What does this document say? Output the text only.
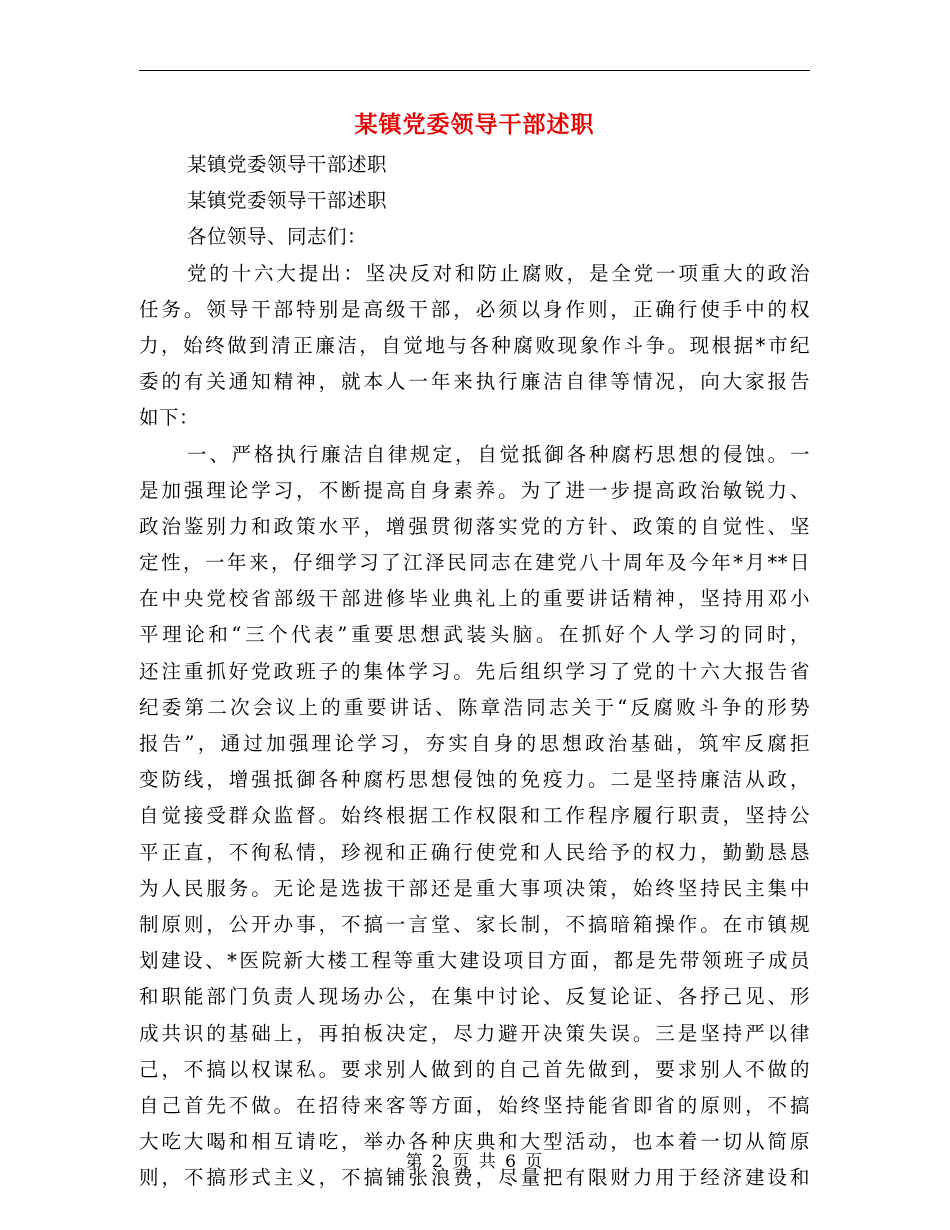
某镇党委领导干部述职
某镇党委领导干部述职
某镇党委领导干部述职
各位领导、同志们：
党的十六大提出：坚决反对和防止腐败，是全党一项重大的政治
任务。领导干部特别是高级干部，必须以身作则，正确行使手中的权
力，始终做到清正廉洁，自觉地与各种腐败现象作斗争。现根据*市纪
委的有关通知精神，就本人一年来执行廉洁自律等情况，向大家报告
如下：
一、严格执行廉洁自律规定，自觉抵御各种腐朽思想的侵蚀。一
是加强理论学习，不断提高自身素养。为了进一步提高政治敏锐力、
政治鉴别力和政策水平，增强贯彻落实党的方针、政策的自觉性、坚
定性，一年来，仔细学习了江泽民同志在建党八十周年及今年*月**日
在中央党校省部级干部进修毕业典礼上的重要讲话精神，坚持用邓小
平理论和“三个代表”重要思想武装头脑。在抓好个人学习的同时，
还注重抓好党政班子的集体学习。先后组织学习了党的十六大报告省
纪委第二次会议上的重要讲话、陈章浩同志关于“反腐败斗争的形势
报告”，通过加强理论学习，夯实自身的思想政治基础，筑牢反腐拒
变防线，增强抵御各种腐朽思想侵蚀的免疫力。二是坚持廉洁从政，
自觉接受群众监督。始终根据工作权限和工作程序履行职责，坚持公
平正直，不徇私情，珍视和正确行使党和人民给予的权力，勤勤恳恳
为人民服务。无论是选拔干部还是重大事项决策，始终坚持民主集中
制原则，公开办事，不搞一言堂、家长制，不搞暗箱操作。在市镇规
划建设、*医院新大楼工程等重大建设项目方面，都是先带领班子成员
和职能部门负责人现场办公，在集中讨论、反复论证、各抒己见、形
成共识的基础上，再拍板决定，尽力避开决策失误。三是坚持严以律
己，不搞以权谋私。要求别人做到的自己首先做到，要求别人不做的
自己首先不做。在招待来客等方面，始终坚持能省即省的原则，不搞
大吃大喝和相互请吃，举办各种庆典和大型活动，也本着一切从简原
则，不搞形式主义，不搞铺张浪费，尽量把有限财力用于经济建设和
第 2 页 共 6 页
